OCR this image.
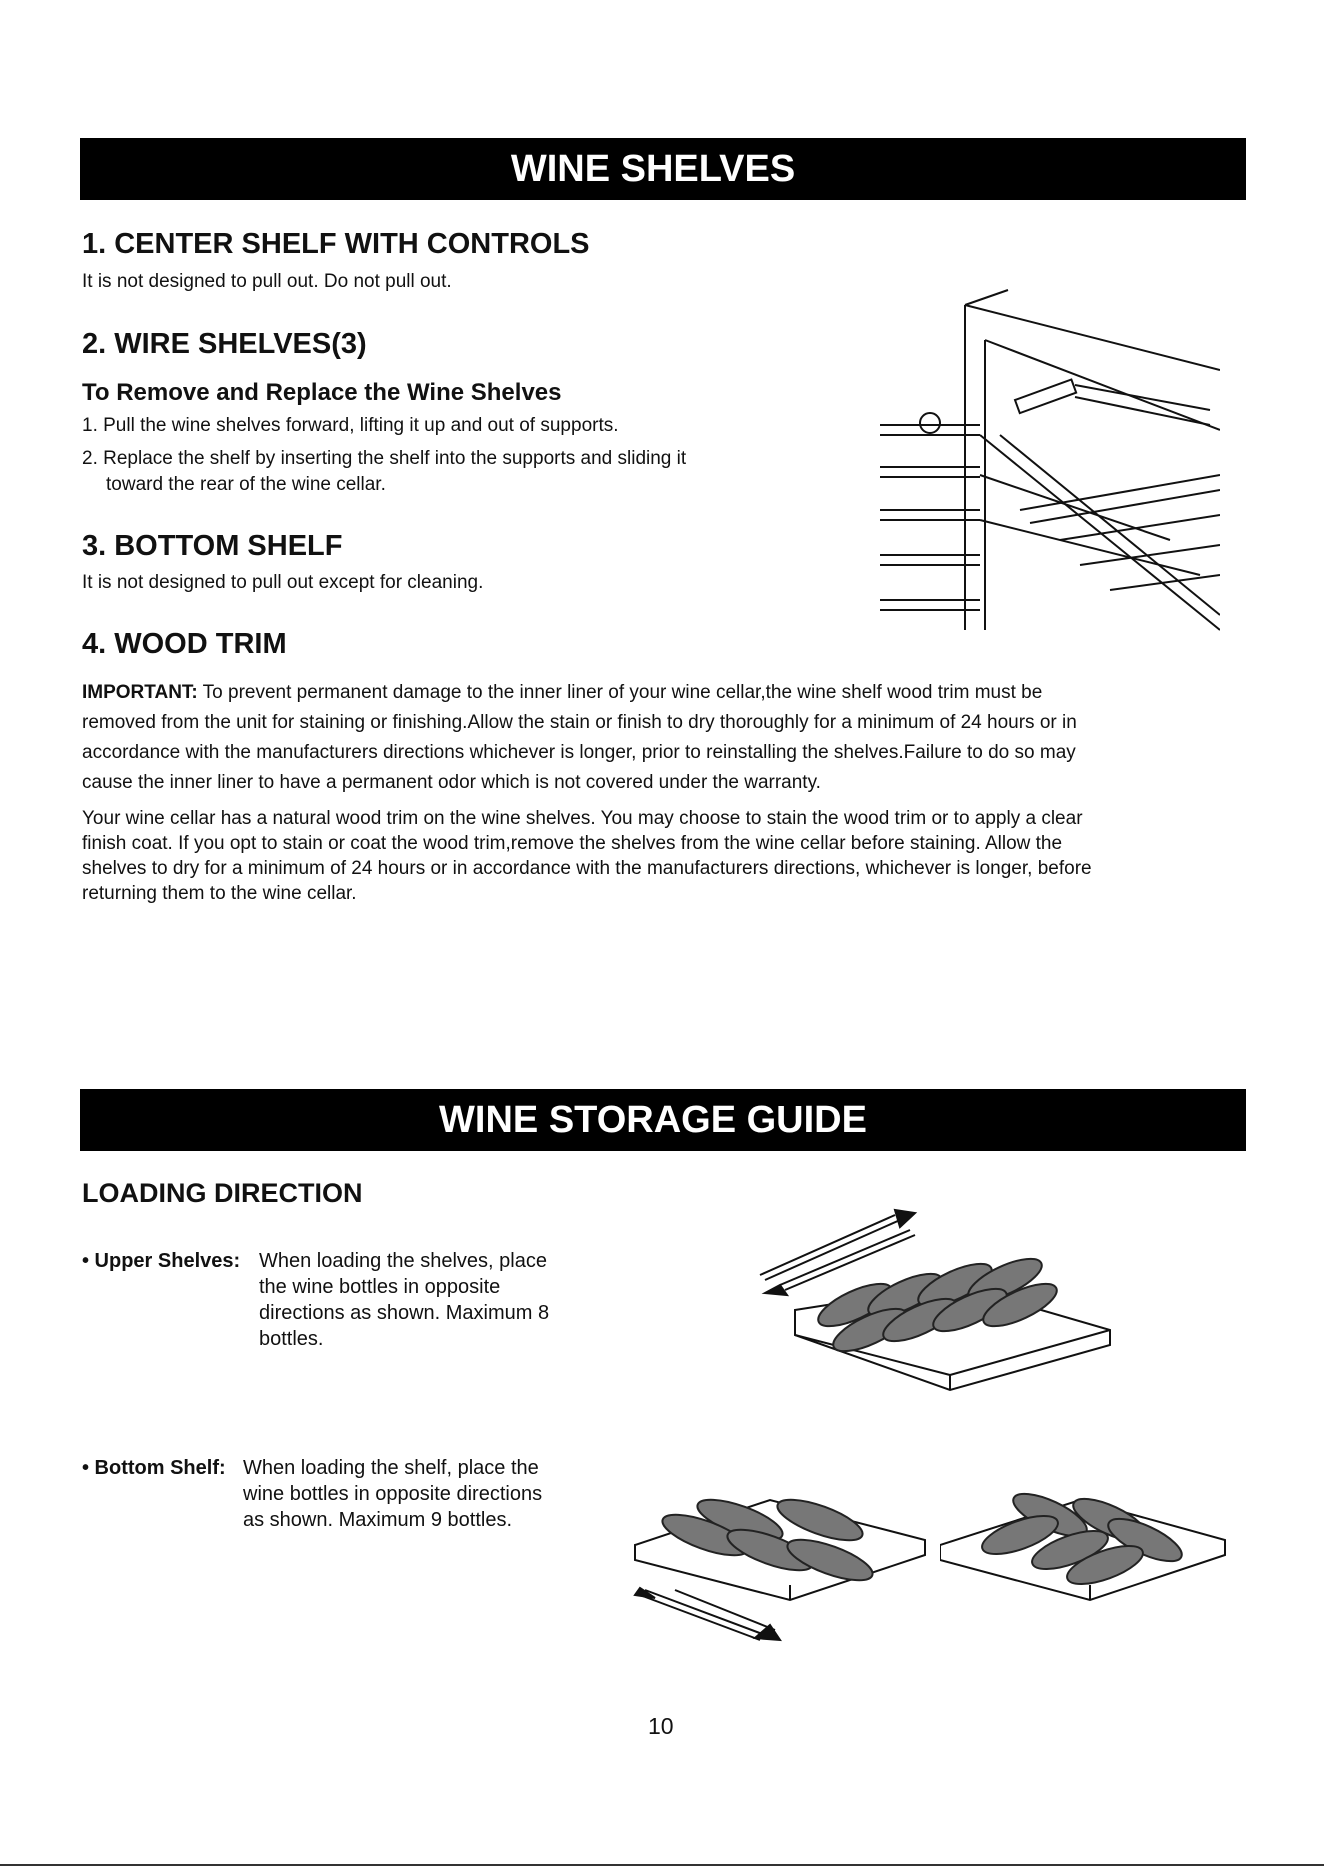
WINE SHELVES
1. CENTER SHELF WITH CONTROLS
It is not designed to pull out. Do not pull out.
2. WIRE SHELVES(3)
To Remove and Replace the Wine Shelves
1. Pull the wine shelves forward, lifting it up and out of supports.
2. Replace the shelf by inserting the shelf into the supports and sliding it
toward the rear of the wine cellar.
3. BOTTOM SHELF
It is not designed to pull out except for cleaning.
4. WOOD TRIM
IMPORTANT: To prevent permanent damage to the inner liner of your wine cellar,the wine shelf wood trim must be
removed from the unit for staining or finishing.Allow the stain or finish to dry thoroughly for a minimum of 24 hours or in
accordance with the manufacturers directions whichever is longer, prior to reinstalling the shelves.Failure to do so may
cause the inner liner to have a permanent odor which is not covered under the warranty.
Your wine cellar has a natural wood trim on the wine shelves. You may choose to stain the wood trim or to apply a clear
finish coat. If you opt to stain or coat the wood trim,remove the shelves from the wine cellar before staining. Allow the
shelves to dry for a minimum of 24 hours or in accordance with the manufacturers directions, whichever is longer, before
returning them to the wine cellar.
WINE STORAGE GUIDE
LOADING DIRECTION
• Upper Shelves: When loading the shelves, place
the wine bottles in opposite
directions as shown. Maximum 8
bottles.
• Bottom Shelf: When loading the shelf, place the
wine bottles in opposite directions
as shown. Maximum 9 bottles.
10
